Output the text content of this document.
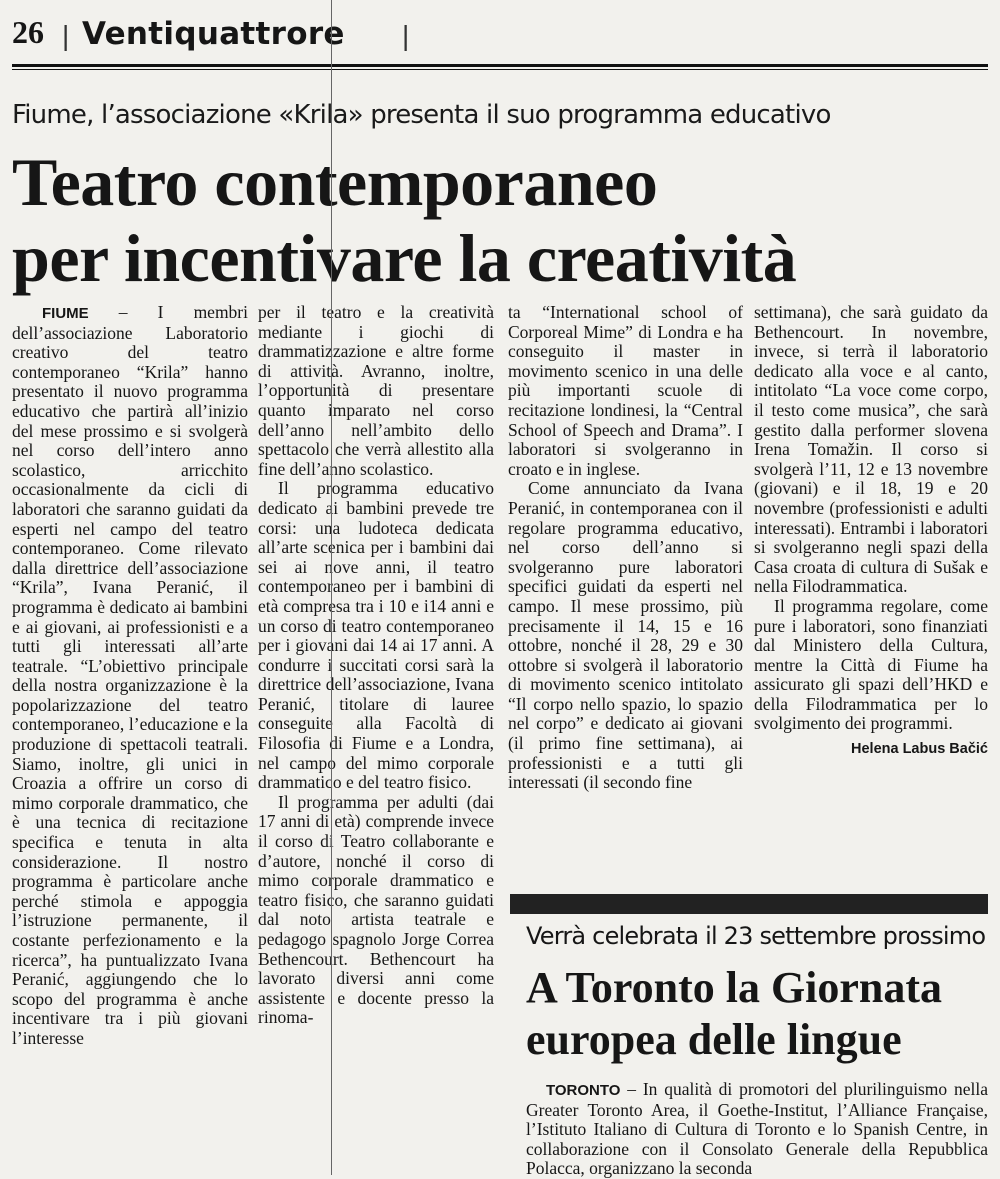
26 | Ventiquattrore |
Fiume, l’associazione «Krila» presenta il suo programma educativo
Teatro contemporaneo
per incentivare la creatività

FIUME – I membri dell’associazione Laboratorio creativo del teatro contemporaneo “Krila” hanno presentato il nuovo programma educativo che partirà all’inizio del mese prossimo e si svolgerà nel corso dell’intero anno scolastico, arricchito occasionalmente da cicli di laboratori che saranno guidati da esperti nel campo del teatro contemporaneo. Come rilevato dalla direttrice dell’associazione “Krila”, Ivana Peranić, il programma è dedicato ai bambini e ai giovani, ai professionisti e a tutti gli interessati all’arte teatrale. “L’obiettivo principale della nostra organizzazione è la popolarizzazione del teatro contemporaneo, l’educazione e la produzione di spettacoli teatrali. Siamo, inoltre, gli unici in Croazia a offrire un corso di mimo corporale drammatico, che è una tecnica di recitazione specifica e tenuta in alta considerazione. Il nostro programma è particolare anche perché stimola e appoggia l’istruzione permanente, il costante perfezionamento e la ricerca”, ha puntualizzato Ivana Peranić, aggiungendo che lo scopo del programma è anche incentivare tra i più giovani l’interesse

per il teatro e la creatività mediante i giochi di drammatizzazione e altre forme di attività. Avranno, inoltre, l’opportunità di presentare quanto imparato nel corso dell’anno nell’ambito dello spettacolo che verrà allestito alla fine dell’anno scolastico.

Il programma educativo dedicato ai bambini prevede tre corsi: una ludoteca dedicata all’arte scenica per i bambini dai sei ai nove anni, il teatro contemporaneo per i bambini di età compresa tra i 10 e i14 anni e un corso di teatro contemporaneo per i giovani dai 14 ai 17 anni. A condurre i succitati corsi sarà la direttrice dell’associazione, Ivana Peranić, titolare di lauree conseguite alla Facoltà di Filosofia di Fiume e a Londra, nel campo del mimo corporale drammatico e del teatro fisico.

Il programma per adulti (dai 17 anni di età) comprende invece il corso di Teatro collaborante e d’autore, nonché il corso di mimo corporale drammatico e teatro fisico, che saranno guidati dal noto artista teatrale e pedagogo spagnolo Jorge Correa Bethencourt. Bethencourt ha lavorato diversi anni come assistente e docente presso la rinoma-

ta “International school of Corporeal Mime” di Londra e ha conseguito il master in movimento scenico in una delle più importanti scuole di recitazione londinesi, la “Central School of Speech and Drama”. I laboratori si svolgeranno in croato e in inglese.

Come annunciato da Ivana Peranić, in contemporanea con il regolare programma educativo, nel corso dell’anno si svolgeranno pure laboratori specifici guidati da esperti nel campo. Il mese prossimo, più precisamente il 14, 15 e 16 ottobre, nonché il 28, 29 e 30 ottobre si svolgerà il laboratorio di movimento scenico intitolato “Il corpo nello spazio, lo spazio nel corpo” e dedicato ai giovani (il primo fine settimana), ai professionisti e a tutti gli interessati (il secondo fine

settimana), che sarà guidato da Bethencourt. In novembre, invece, si terrà il laboratorio dedicato alla voce e al canto, intitolato “La voce come corpo, il testo come musica”, che sarà gestito dalla performer slovena Irena Tomažin. Il corso si svolgerà l’11, 12 e 13 novembre (giovani) e il 18, 19 e 20 novembre (professionisti e adulti interessati). Entrambi i laboratori si svolgeranno negli spazi della Casa croata di cultura di Sušak e nella Filodrammatica.

Il programma regolare, come pure i laboratori, sono finanziati dal Ministero della Cultura, mentre la Città di Fiume ha assicurato gli spazi dell’HKD e della Filodrammatica per lo svolgimento dei programmi.

Helena Labus Bačić
Verrà celebrata il 23 settembre prossimo
A Toronto la Giornata
europea delle lingue

TORONTO – In qualità di promotori del plurilinguismo nella Greater Toronto Area, il Goethe-Institut, l’Alliance Française, l’Istituto Italiano di Cultura di Toronto e lo Spanish Centre, in collaborazione con il Consolato Generale della Repubblica Polacca, organizzano la seconda
